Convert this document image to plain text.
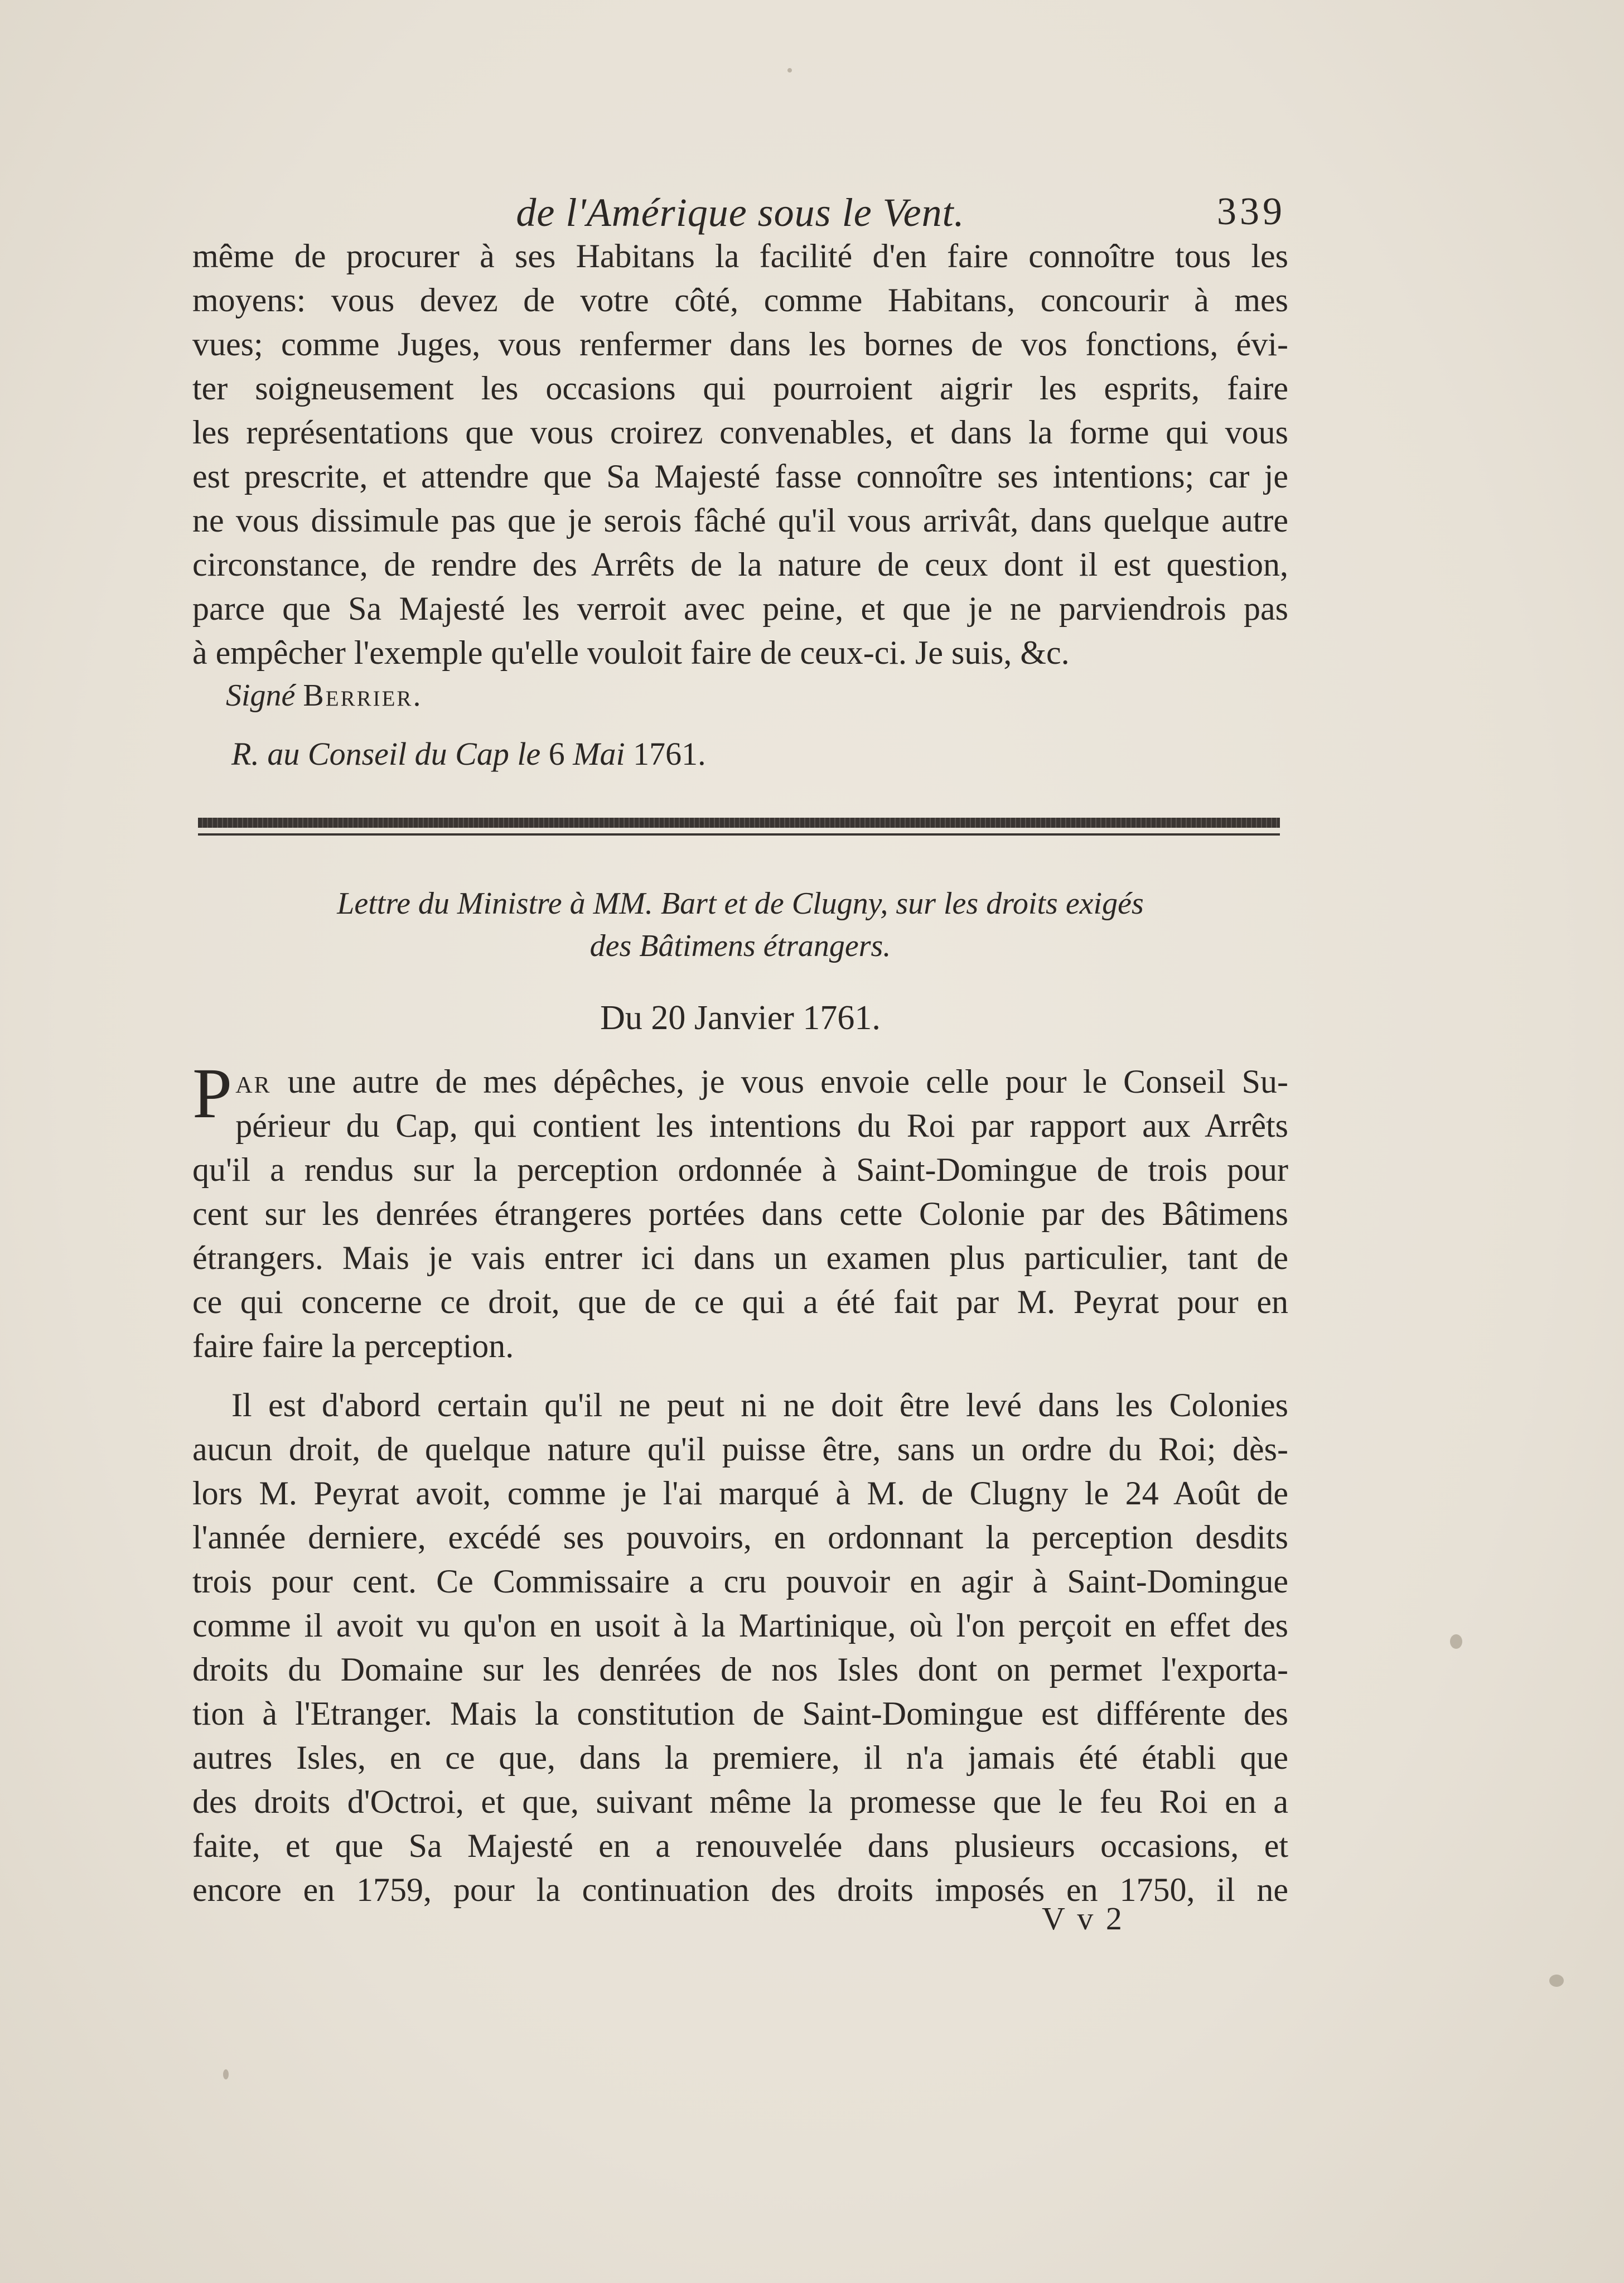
de l'Amérique sous le Vent.	339
même de procurer à ses Habitans la facilité d'en faire connoître tous les
moyens: vous devez de votre côté, comme Habitans, concourir à mes
vues; comme Juges, vous renfermer dans les bornes de vos fonctions, évi-
ter soigneusement les occasions qui pourroient aigrir les esprits, faire
les représentations que vous croirez convenables, et dans la forme qui vous
est prescrite, et attendre que Sa Majesté fasse connoître ses intentions; car je
ne vous dissimule pas que je serois fâché qu'il vous arrivât, dans quelque autre
circonstance, de rendre des Arrêts de la nature de ceux dont il est question,
parce que Sa Majesté les verroit avec peine, et que je ne parviendrois pas
à empêcher l'exemple qu'elle vouloit faire de ceux-ci. Je suis, &c.
Signé Berrier.
R. au Conseil du Cap le 6 Mai 1761.
Lettre du Ministre à MM. Bart et de Clugny, sur les droits exigés
des Bâtimens étrangers.
Du 20 Janvier 1761.
P ar une autre de mes dépêches, je vous envoie celle pour le Conseil Su-
périeur du Cap, qui contient les intentions du Roi par rapport aux Arrêts
qu'il a rendus sur la perception ordonnée à Saint-Domingue de trois pour
cent sur les denrées étrangeres portées dans cette Colonie par des Bâtimens
étrangers. Mais je vais entrer ici dans un examen plus particulier, tant de
ce qui concerne ce droit, que de ce qui a été fait par M. Peyrat pour en
faire faire la perception.
Il est d'abord certain qu'il ne peut ni ne doit être levé dans les Colonies
aucun droit, de quelque nature qu'il puisse être, sans un ordre du Roi; dès-
lors M. Peyrat avoit, comme je l'ai marqué à M. de Clugny le 24 Août de
l'année derniere, excédé ses pouvoirs, en ordonnant la perception desdits
trois pour cent. Ce Commissaire a cru pouvoir en agir à Saint-Domingue
comme il avoit vu qu'on en usoit à la Martinique, où l'on perçoit en effet des
droits du Domaine sur les denrées de nos Isles dont on permet l'exporta-
tion à l'Etranger. Mais la constitution de Saint-Domingue est différente des
autres Isles, en ce que, dans la premiere, il n'a jamais été établi que
des droits d'Octroi, et que, suivant même la promesse que le feu Roi en a
faite, et que Sa Majesté en a renouvelée dans plusieurs occasions, et
encore en 1759, pour la continuation des droits imposés en 1750, il ne
V v 2
